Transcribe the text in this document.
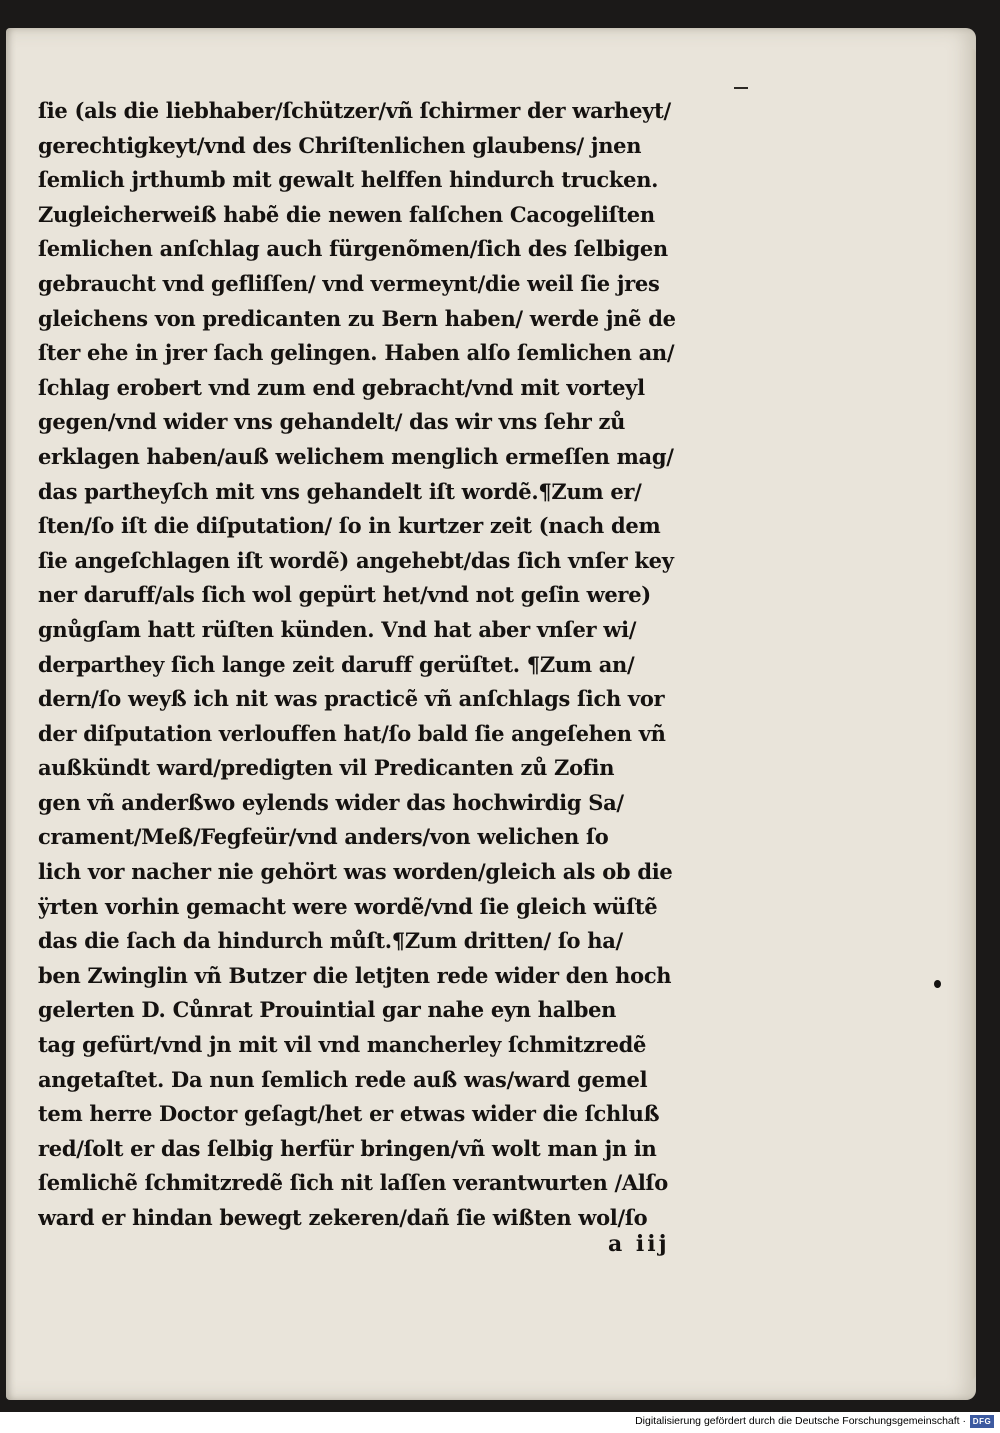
ſie (als die liebhaber/ſchützer/vñ ſchirmer der warheyt/
gerechtigkeyt/vnd des Chriſtenlichen glaubens/ jnen
ſemlich jrthumb mit gewalt helffen hindurch trucken.
Zugleicherweiß habẽ die newen falſchen Cacogeliſten
ſemlichen anſchlag auch fürgenõmen/ſich des ſelbigen
gebraucht vnd gefliſſen/ vnd vermeynt/die weil ſie jres
gleichens von predicanten zu Bern haben/ werde jnẽ de
ſter ehe in jrer ſach gelingen. Haben alſo ſemlichen an/
ſchlag erobert vnd zum end gebracht/vnd mit vorteyl
gegen/vnd wider vns gehandelt/ das wir vns ſehr zů
erklagen haben/auß welichem menglich ermeſſen mag/
das partheyſch mit vns gehandelt iſt wordẽ.¶Zum er/
ſten/ſo iſt die diſputation/ ſo in kurtzer zeit (nach dem
ſie angeſchlagen iſt wordẽ) angehebt/das ſich vnſer key
ner daruff/als ſich wol gepürt het/vnd not geſin were)
gnůgſam hatt rüſten künden. Vnd hat aber vnſer wi/
derparthey ſich lange zeit daruff gerüſtet. ¶Zum an/
dern/ſo weyß ich nit was practicẽ vñ anſchlags ſich vor
der diſputation verlouffen hat/ſo bald ſie angeſehen vñ
außkündt ward/predigten vil Predicanten zů Zofin
gen vñ anderßwo eylends wider das hochwirdig Sa/
crament/Meß/Fegfeür/vnd anders/von welichen ſo
lich vor nacher nie gehört was worden/gleich als ob die
ÿrten vorhin gemacht were wordẽ/vnd ſie gleich wüſtẽ
das die ſach da hindurch můſt.¶Zum dritten/ ſo ha/
ben Zwinglin vñ Butzer die letjten rede wider den hoch
gelerten D. Cůnrat Prouintial gar nahe eyn halben
tag gefürt/vnd jn mit vil vnd mancherley ſchmitzredẽ
angetaſtet. Da nun ſemlich rede auß was/ward gemel
tem herre Doctor geſagt/het er etwas wider die ſchluß
red/ſolt er das ſelbig herfür bringen/vñ wolt man jn in
ſemlichẽ ſchmitzredẽ ſich nit laſſen verantwurten /Alſo
ward er hindan bewegt zekeren/dañ ſie wißten wol/ſo
a iij
Digitalisierung gefördert durch die Deutsche Forschungsgemeinschaft · DFG
